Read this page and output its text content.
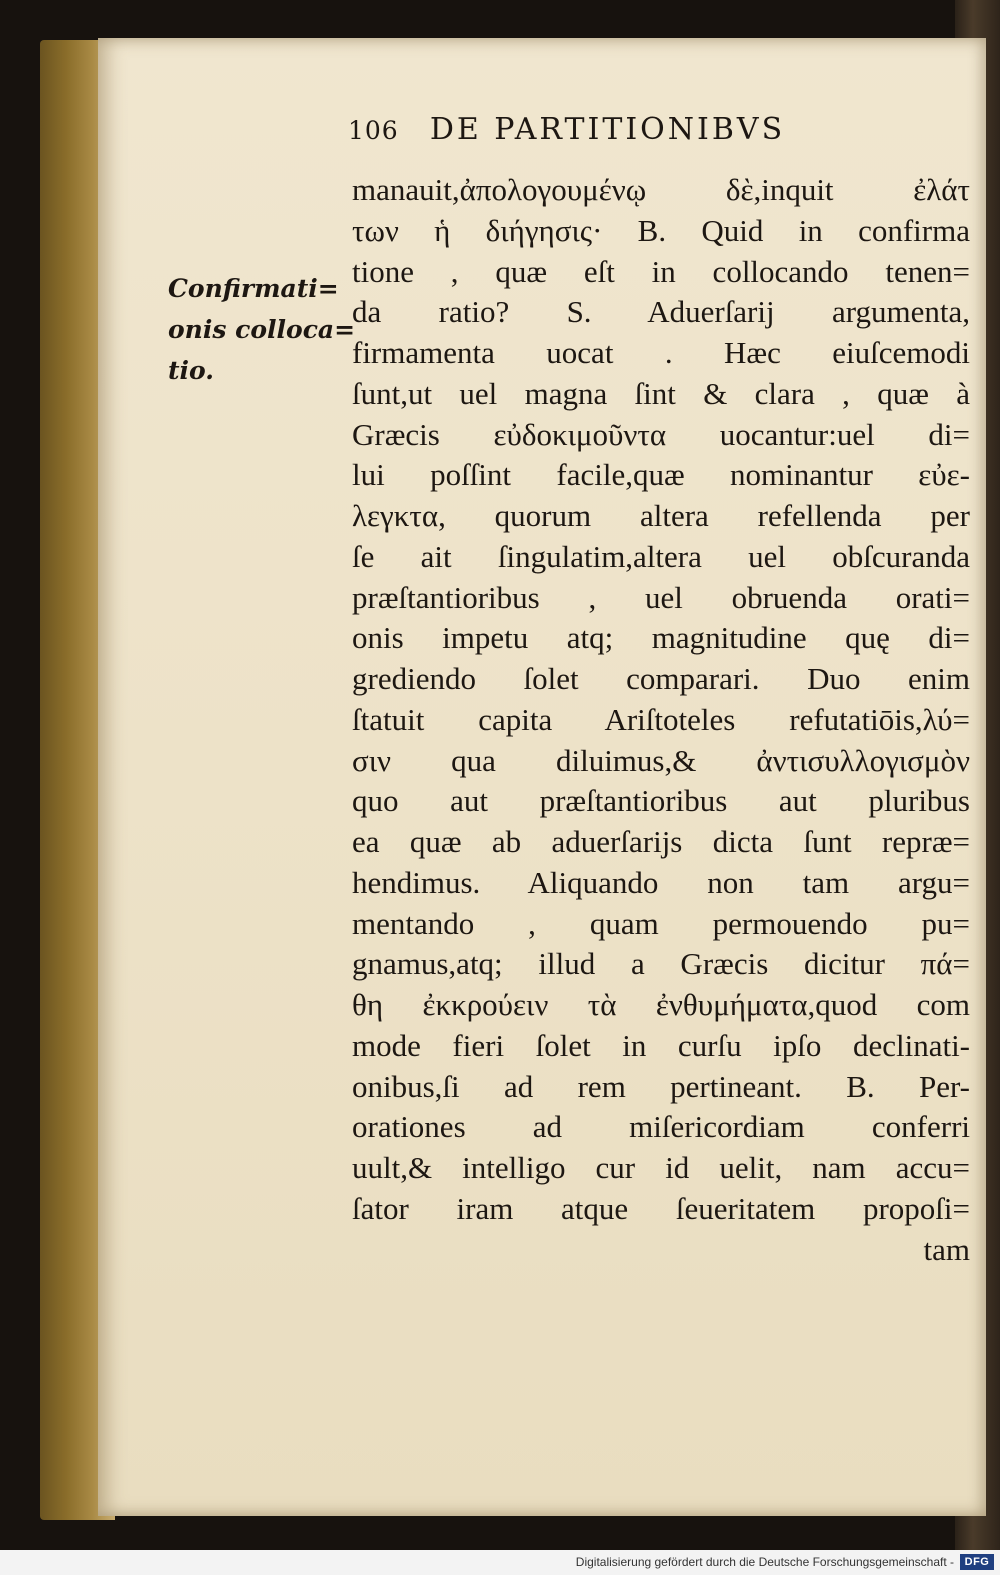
106 DE PARTITIONIBVS
Confirmati=
onis colloca=
tio.
manauit,ἀπολογουμένῳ δὲ,inquit ἐλάτ
των ἡ διήγησις· B. Quid in confirma
tione , quæ eſt in collocando tenen=
da ratio? S. Aduerſarij argumenta,
firmamenta uocat . Hæc eiuſcemodi
ſunt,ut uel magna ſint & clara , quæ à
Græcis εὐδοκιμοῦντα uocantur:uel di=
lui poſſint facile,quæ nominantur εὐε-
λεγκτα, quorum altera refellenda per
ſe ait ſingulatim,altera uel obſcuranda
præſtantioribus , uel obruenda orati=
onis impetu atq; magnitudine quę di=
grediendo ſolet comparari. Duo enim
ſtatuit capita Ariſtoteles refutatiōis,λύ=
σιν qua diluimus,& ἀντισυλλογισμὸν
quo aut præſtantioribus aut pluribus
ea quæ ab aduerſarijs dicta ſunt repræ=
hendimus. Aliquando non tam argu=
mentando , quam permouendo pu=
gnamus,atq; illud a Græcis dicitur πά=
θη ἐκκρούειν τὰ ἐνθυμήματα,quod com
mode fieri ſolet in curſu ipſo declinati-
onibus,ſi ad rem pertineant. B. Per-
orationes ad miſericordiam conferri
uult,& intelligo cur id uelit, nam accu=
ſator iram atque ſeueritatem propoſi=
tam
Digitalisierung gefördert durch die Deutsche Forschungsgemeinschaft - DFG
